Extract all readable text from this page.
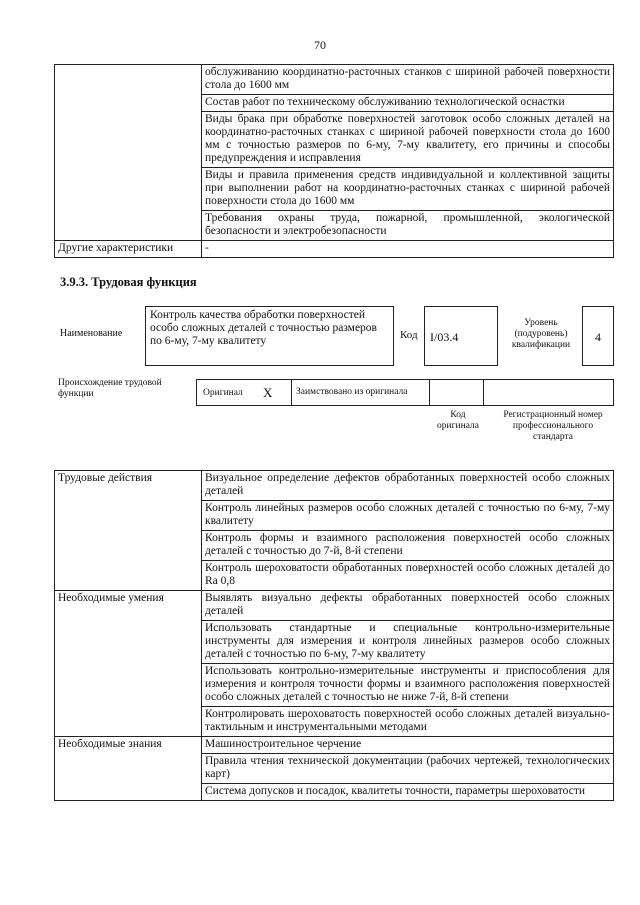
70
	обслуживанию координатно-расточных станков с шириной рабочей поверхности стола до 1600 мм
	Состав работ по техническому обслуживанию технологической оснастки
	Виды брака при обработке поверхностей заготовок особо сложных деталей на координатно-расточных станках с шириной рабочей поверхности стола до 1600 мм с точностью размеров по 6-му, 7-му квалитету, его причины и способы предупреждения и исправления
	Виды и правила применения средств индивидуальной и коллективной защиты при выполнении работ на координатно-расточных станках с шириной рабочей поверхности стола до 1600 мм
	Требования охраны труда, пожарной, промышленной, экологической безопасности и электробезопасности
Другие характеристики	-
3.9.3. Трудовая функция
Наименование
Контроль качества обработки поверхностей особо сложных деталей с точностью размеров по 6-му, 7-му квалитету	Код	I/03.4
Уровень (подуровень) квалификации
4
Происхождение трудовой функции	Оригинал X	Заимствовано из оригинала
Код оригинала
Регистрационный номер профессионального стандарта
Трудовые действия	Визуальное определение дефектов обработанных поверхностей особо сложных деталей
	Контроль линейных размеров особо сложных деталей с точностью по 6-му, 7-му квалитету
	Контроль формы и взаимного расположения поверхностей особо сложных деталей с точностью до 7-й, 8-й степени
	Контроль шероховатости обработанных поверхностей особо сложных деталей до Ra 0,8
Необходимые умения	Выявлять визуально дефекты обработанных поверхностей особо сложных деталей
	Использовать стандартные и специальные контрольно-измерительные инструменты для измерения и контроля линейных размеров особо сложных деталей с точностью по 6-му, 7-му квалитету
	Использовать контрольно-измерительные инструменты и приспособления для измерения и контроля точности формы и взаимного расположения поверхностей особо сложных деталей с точностью не ниже 7-й, 8-й степени
	Контролировать шероховатость поверхностей особо сложных деталей визуально-тактильным и инструментальными методами
Необходимые знания	Машиностроительное черчение
	Правила чтения технической документации (рабочих чертежей, технологических карт)
	Система допусков и посадок, квалитеты точности, параметры шероховатости
